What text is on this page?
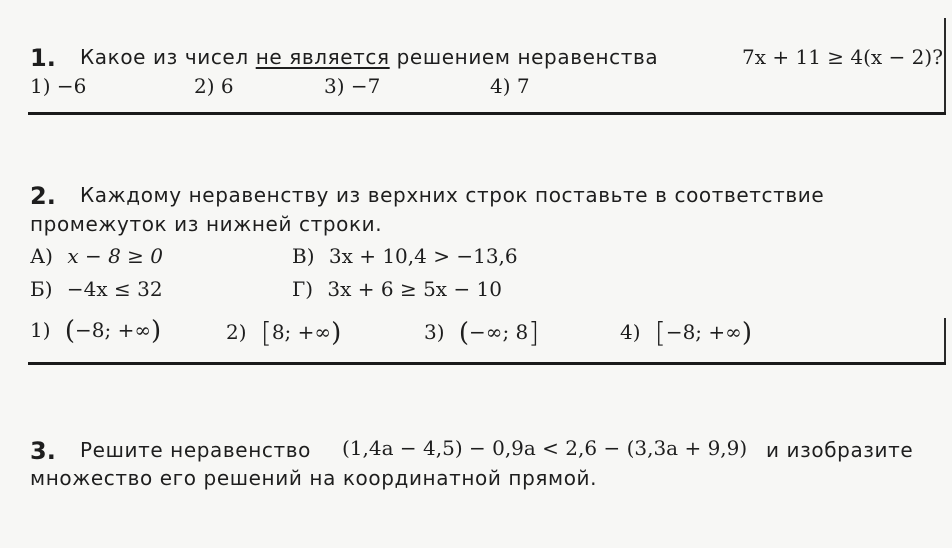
1. Какое из чисел не является решением неравенства	7x + 11 ≥ 4(x − 2)?
1) −6	2) 6	3) −7	4) 7
2. Каждому неравенству из верхних строк поставьте в соответствие
промежуток из нижней строки.
А) x − 8 ≥ 0	В) 3x + 10,4 > −13,6
Б) −4x ≤ 32	Г) 3x + 6 ≥ 5x − 10
1) (−8; +∞)	2) [8; +∞)	3) (−∞; 8]	4) [−8; +∞)
3. Решите неравенство (1,4a − 4,5) − 0,9a < 2,6 − (3,3a + 9,9) и изобразите
множество его решений на координатной прямой.
